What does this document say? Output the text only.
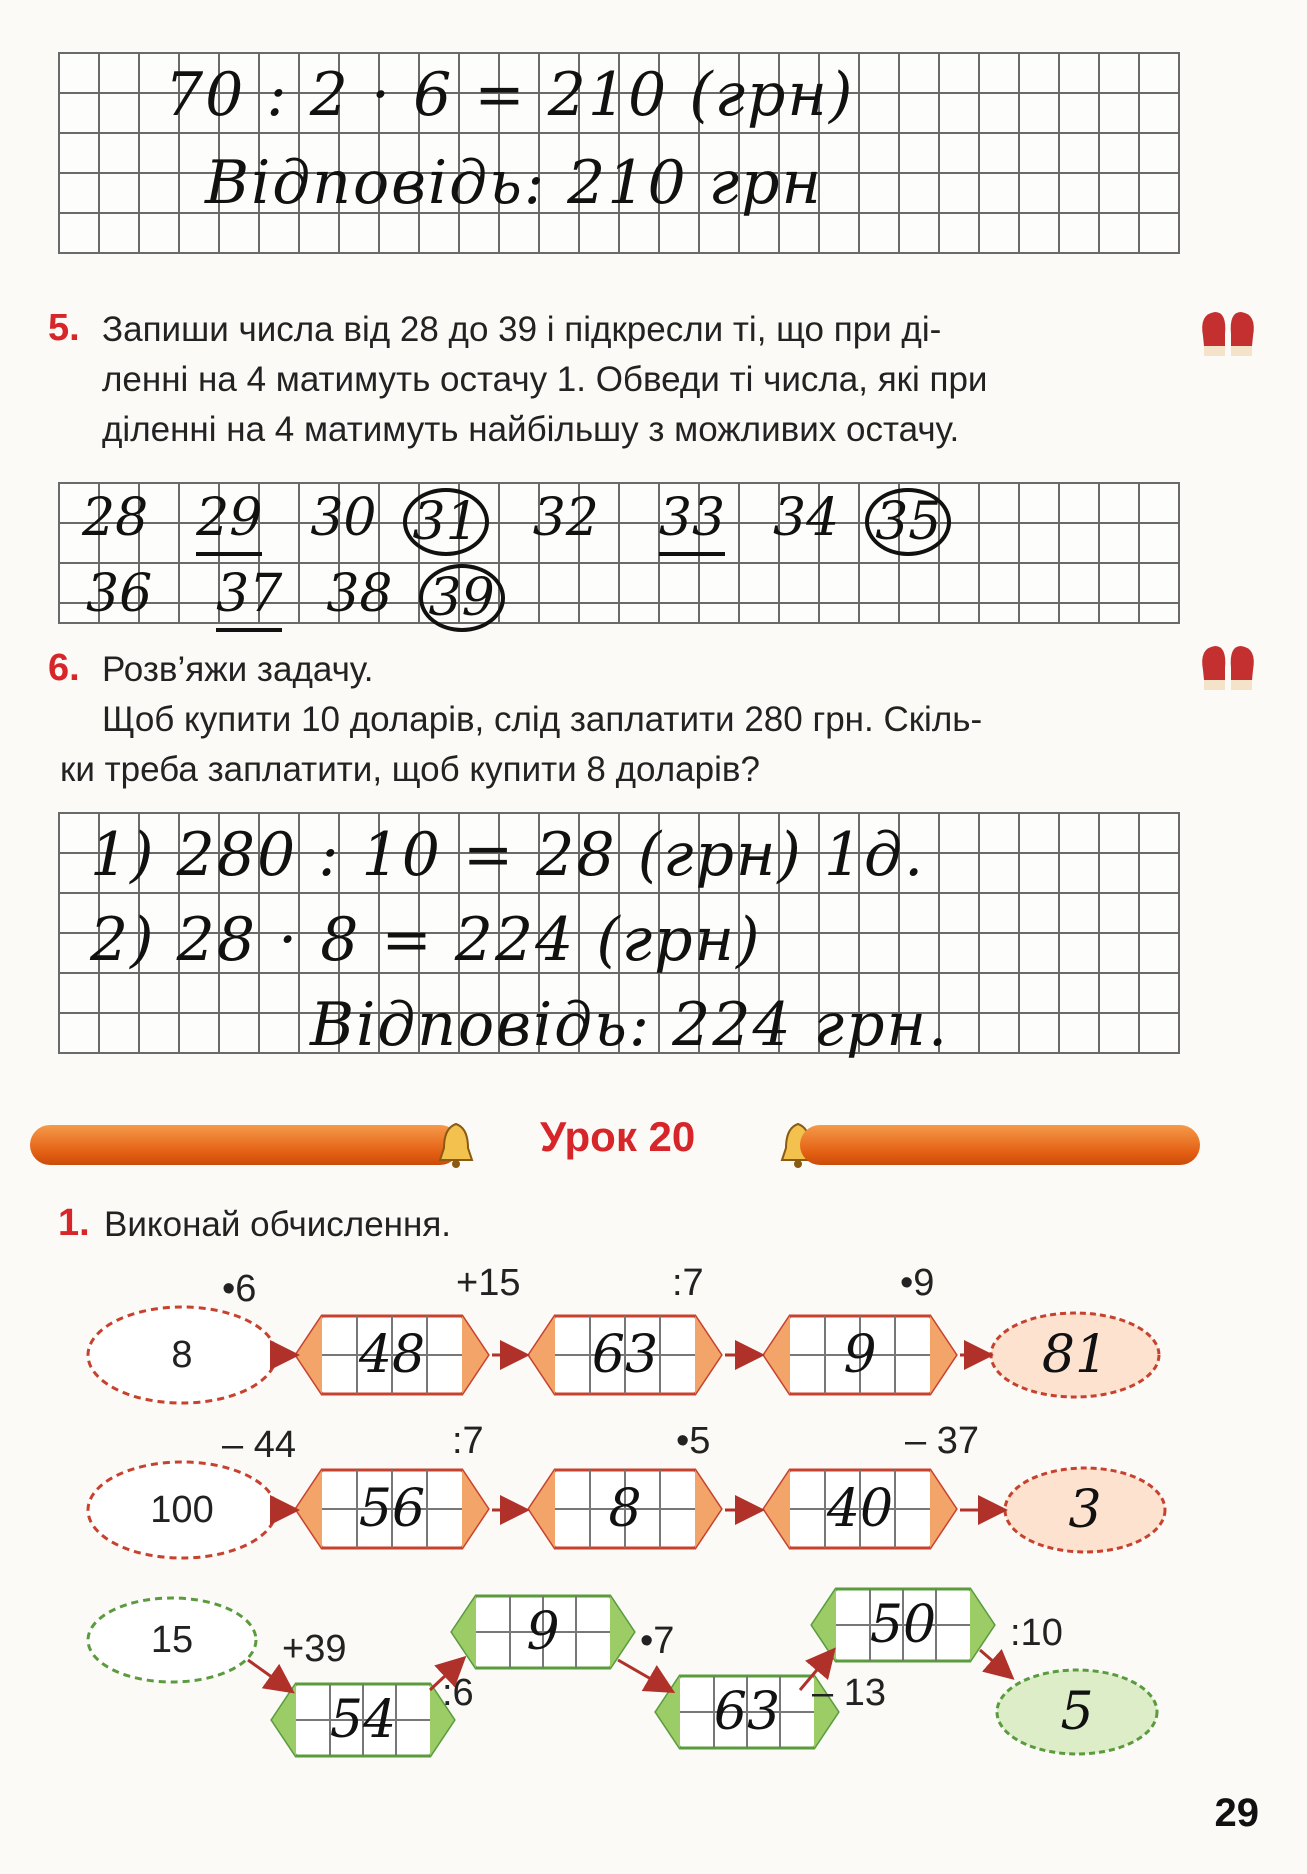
70 : 2 · 6 = 210 (грн)
Відповідь: 210 грн
5. Запиши числа від 28 до 39 і підкресли ті, що при ді-

ленні на 4 матимуть остачу 1. Обведи ті числа, які при

діленні на 4 матимуть найбільшу з можливих остачу.

28 29 30 31 32 33 34 35
36 37 38 39
6. Розв’яжи задачу.

Щоб купити 10 доларів, слід заплатити 280 грн. Скіль-

ки треба заплатити, щоб купити 8 доларів?

1) 280 : 10 = 28 (грн) 1д.
2) 28 · 8 = 224 (грн)
Відповідь: 224 грн.
Урок 20
1. Виконай обчислення.
•6	+15	:7	•9
8	48	63	9	81
– 44	:7	•5	– 37
100	56	8	40	3
15	+39
54	:6
9	•7
63 – 13
50	:10
5
29
